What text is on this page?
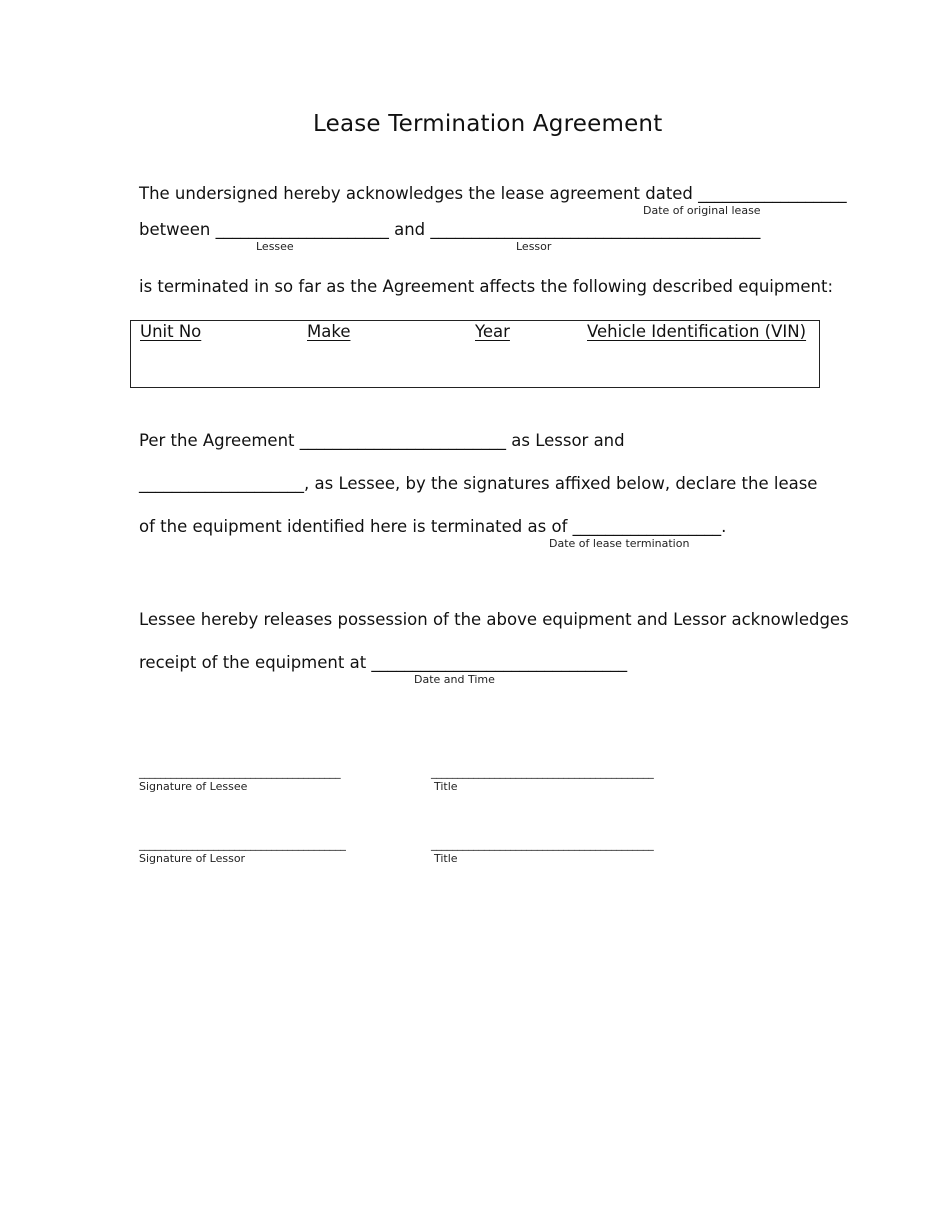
Lease Termination Agreement
The undersigned hereby acknowledges the lease agreement dated __________________
Date of original lease
between _____________________ and ________________________________________
Lessee	Lessor
is terminated in so far as the Agreement affects the following described equipment:
Unit No	Make	Year	Vehicle Identification (VIN)
Per the Agreement _________________________ as Lessor and
____________________, as Lessee, by the signatures affixed below, declare the lease
of the equipment identified here is terminated as of __________________.
Date of lease termination
Lessee hereby releases possession of the above equipment and Lessor acknowledges
receipt of the equipment at _______________________________
Date and Time
______________________________________
Signature of Lessee
__________________________________________
Title
_______________________________________
Signature of Lessor
__________________________________________
Title
